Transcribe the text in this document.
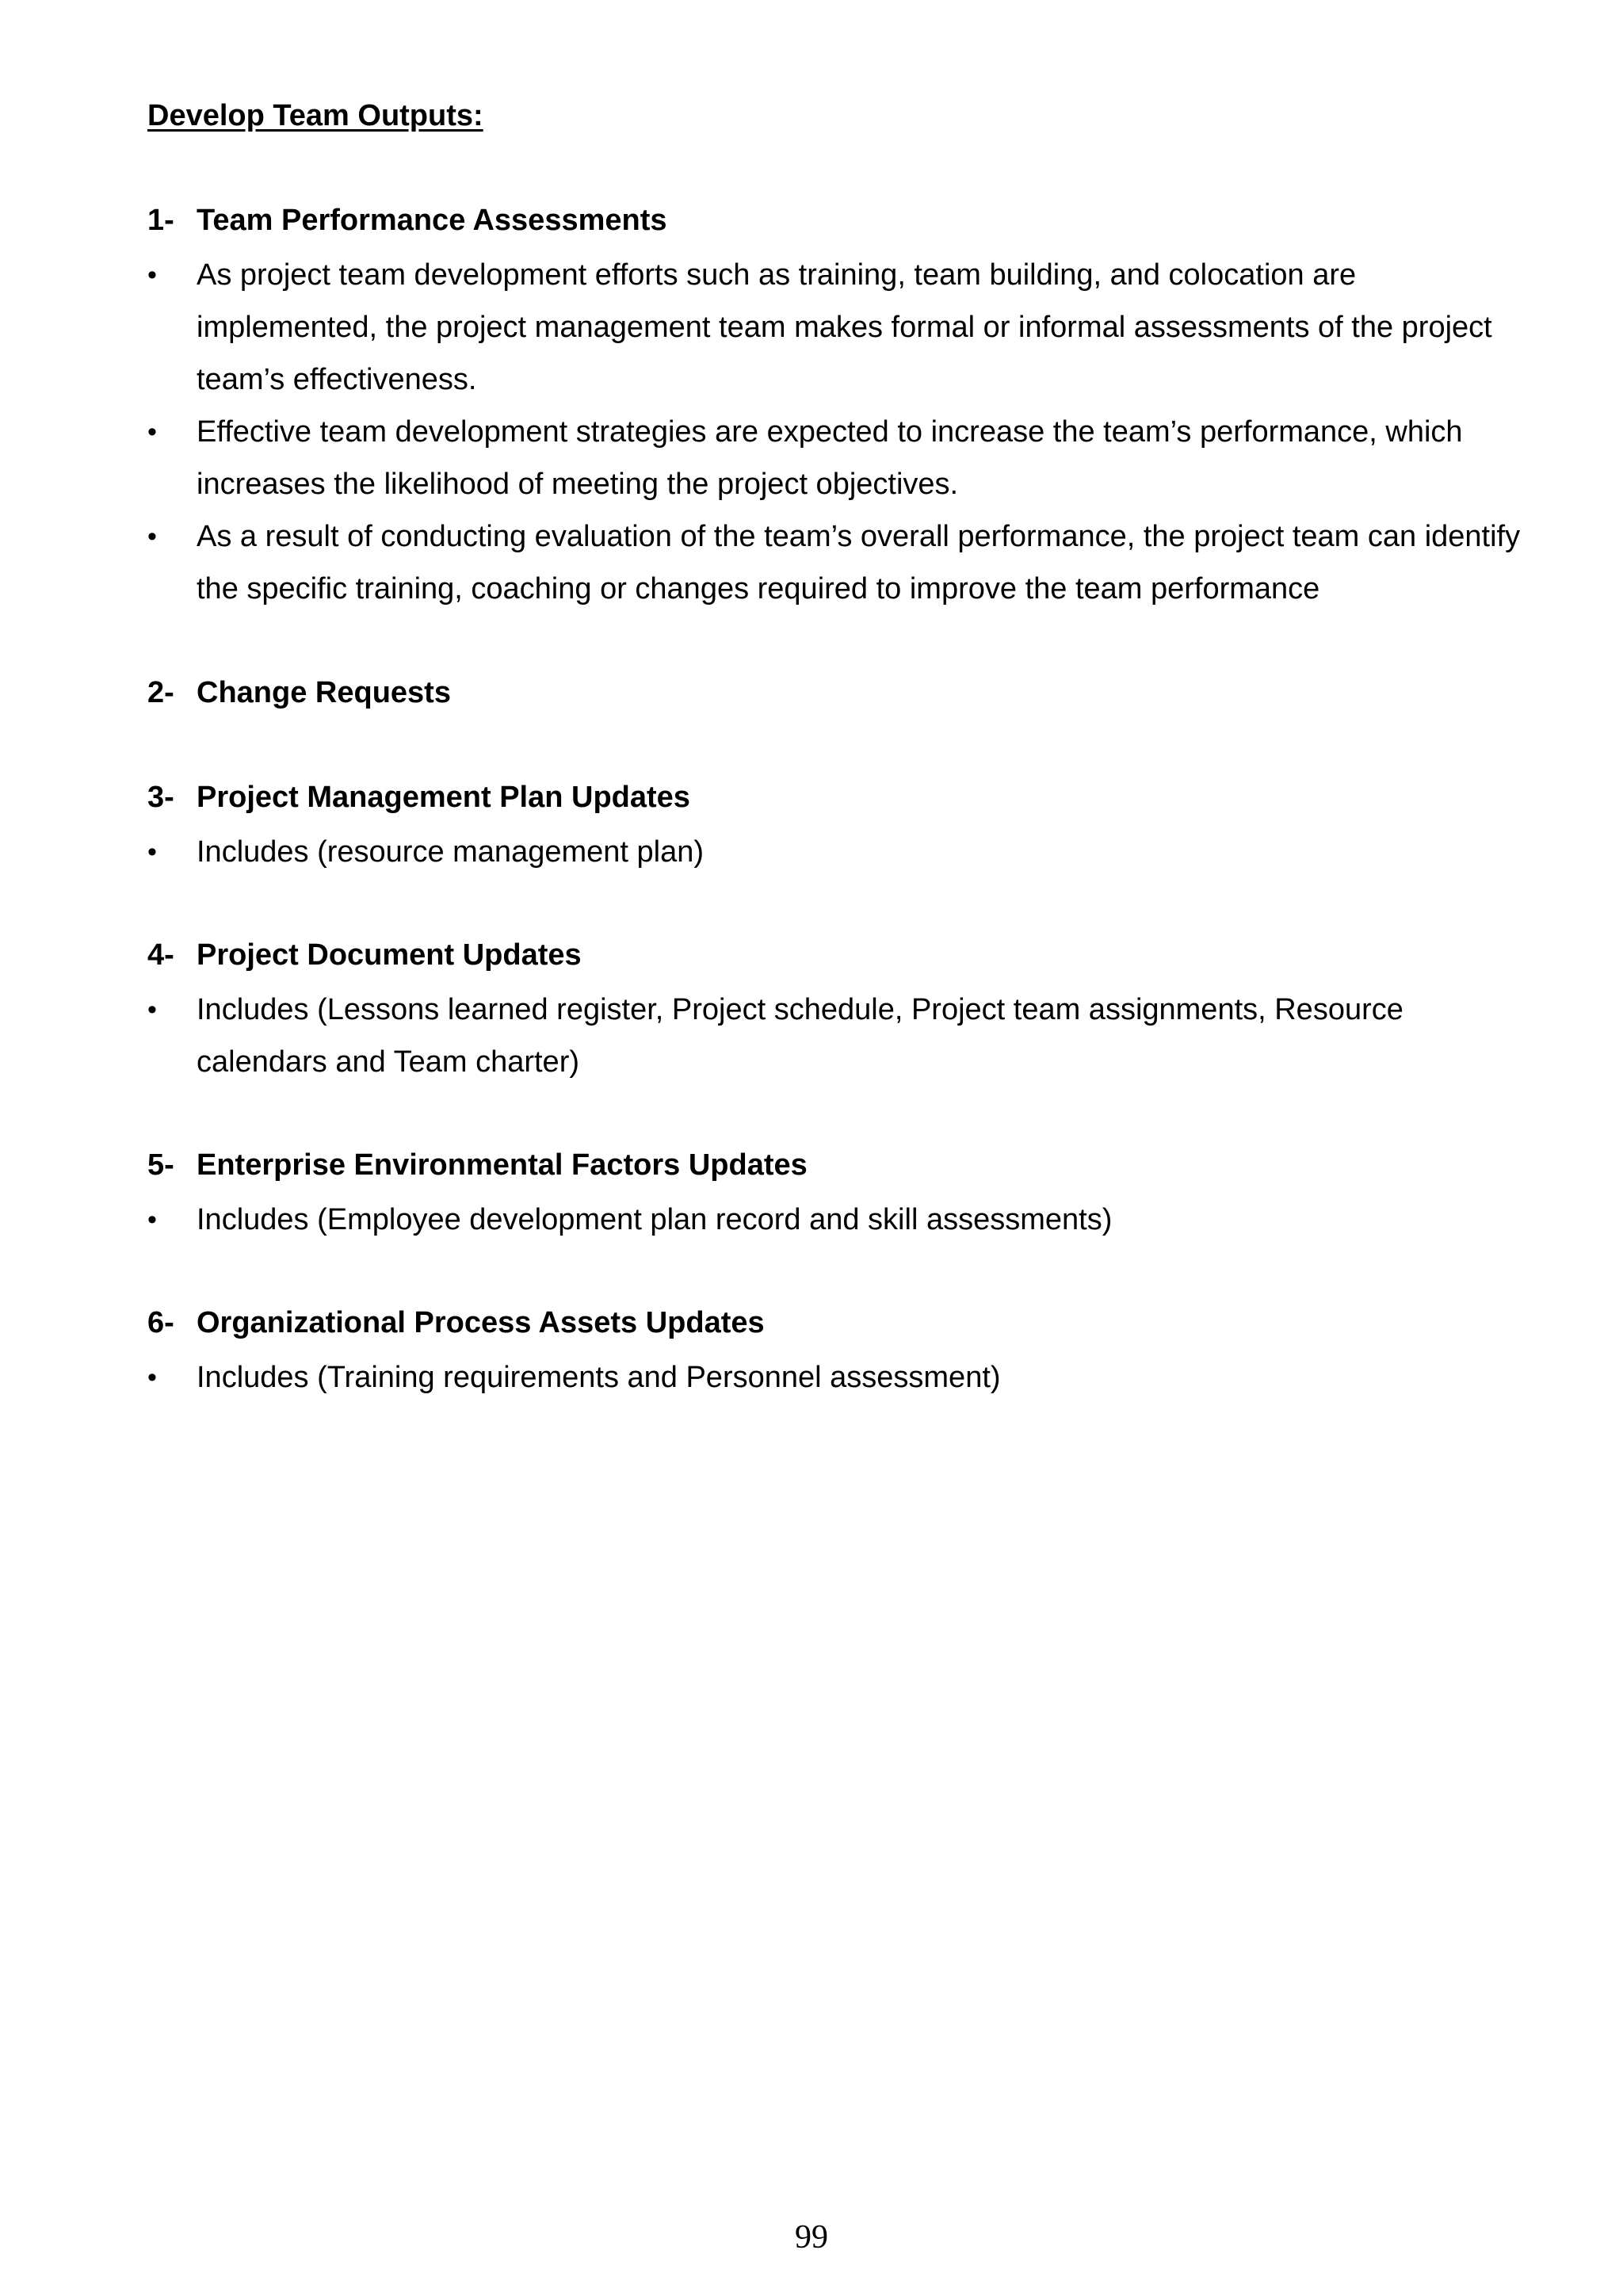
Develop Team Outputs:
1- Team Performance Assessments
•	As project team development efforts such as training, team building, and colocation are implemented, the project management team makes formal or informal assessments of the project team’s effectiveness.
•	Effective team development strategies are expected to increase the team’s performance, which increases the likelihood of meeting the project objectives.
•	As a result of conducting evaluation of the team’s overall performance, the project team can identify the specific training, coaching or changes required to improve the team performance
2- Change Requests
3- Project Management Plan Updates
•	Includes (resource management plan)
4- Project Document Updates
•	Includes (Lessons learned register, Project schedule, Project team assignments, Resource calendars and Team charter)
5- Enterprise Environmental Factors Updates
•	Includes (Employee development plan record and skill assessments)
6- Organizational Process Assets Updates
•	Includes (Training requirements and Personnel assessment)
99
